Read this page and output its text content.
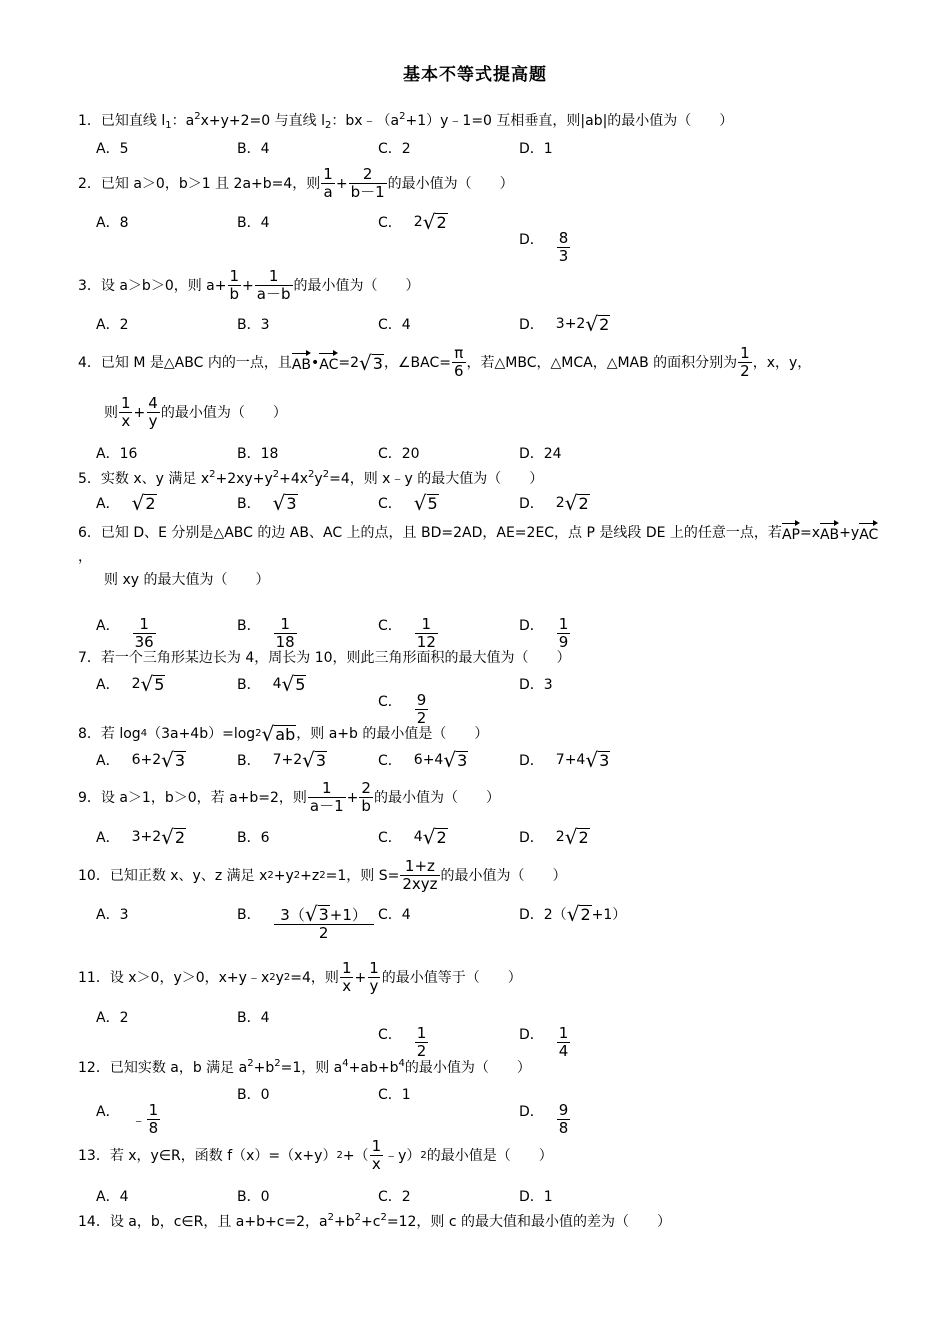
基本不等式提高题
1．已知直线 $l_1$：$a^2x+y+2=0$ 与直线 $l_2$：$bx﹣(a^2+1)y﹣1=0$ 互相垂直，则|ab|的最小值为（　　）
A．5	B．4	C．2	D．1
2．已知 a＞0，b＞1 且 2a+b=4，则 $\frac{1}{a} + \frac{2}{b-1}$ 的最小值为（　　）
A．8	B．4	C． 2 √ 2
D． $\frac{8}{3}$
3．设 a＞b＞0，则 $a+ \frac{1}{b} + \frac{1}{a-b}$ 的最小值为（　　）
A．2	B．3	C．4	D． 3+2 √ 2
4．已知 M 是△ABC 内的一点，且 AB • AC =2 √ 3 ，∠BAC= $\frac{\pi}{6}$ ，若△MBC，△MCA，△MAB 的面积分别为 $\frac{1}{2}$ ，x，y，
则 $\frac{1}{x} + \frac{4}{y}$ 的最小值为（　　）
A．16	B．18	C．20	D．24
5．实数 x、y 满足 $x^2+2xy+y^2+4x^2y^2=4$，则 x﹣y 的最大值为（　　）
A． √ 2	B． √ 3	C． √ 5	D． 2 √ 2
6．已知 D、E 分别是△ABC 的边 AB、AC 上的点，且 BD=2AD，AE=2EC，点 P 是线段 DE 上的任意一点，若 AP =x AB +y AC
，
则 xy 的最大值为（　　）
A． $\frac{1}{36}$	B． $\frac{1}{18}$	C． $\frac{1}{12}$	D． $\frac{1}{9}$
7．若一个三角形某边长为 4，周长为 10，则此三角形面积的最大值为（　　）
A． 2 √ 5	B． 4 √ 5
C． $\frac{9}{2}$
D．3
8．若 log 4 （3a+4b）=log 2 √ ab ，则 a+b 的最小值是（　　）
A． 6+2 √ 3	B． 7+2 √ 3	C． 6+4 √ 3	D． 7+4 √ 3
9．设 a＞1，b＞0，若 a+b=2，则 $\frac{1}{a-1} + \frac{2}{b}$ 的最小值为（　　）
A． 3+2 √ 2	B．6	C． 4 √ 2	D． 2 √ 2
10．已知正数 x、y、z 满足 x 2 +y 2 +z 2 =1，则 $S= \frac{1+z}{\text{2xyz}}$ 的最小值为（　　）
A．3	B． $\frac{3( √ 3 +1)}{2}$ C．4	D．2（ √ 2 +1）
11．设 x＞0，y＞0，x+y﹣x 2 y 2 =4，则 $\frac{1}{x} + \frac{1}{y}$ 的最小值等于（　　）
A．2	B．4
C． $\frac{1}{2}$	D． $\frac{1}{4}$
12．已知实数 a，b 满足 $a^2+b^2=1$，则 $a^4+ab+b^4$的最小值为（　　）
A．
﹣ $\frac{1}{8}$
B．0	C．1
D． $\frac{9}{8}$
13．若 x，y∈R，函数 f（x）=（x+y） 2 +（ $\frac{1}{x}$ ﹣y） 2 的最小值是（　　）
A．4	B．0	C．2	D．1
14．设 a，b，c∈R，且 a+b+c=2，$a^2+b^2+c^2=12$，则 c 的最大值和最小值的差为（　　）
